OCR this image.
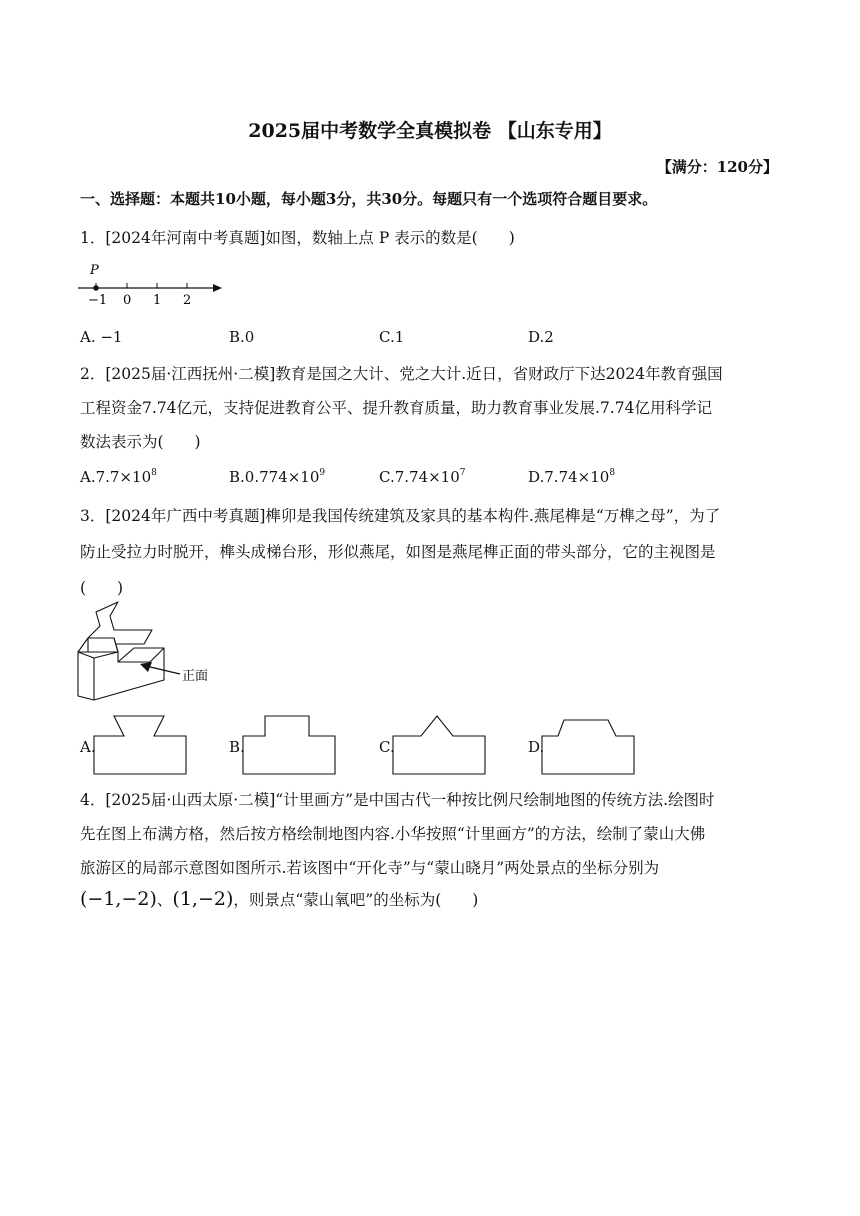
2025届中考数学全真模拟卷 【山东专用】
【满分：120分】
一、选择题：本题共10小题，每小题3分，共30分。每题只有一个选项符合题目要求。
1．[2024年河南中考真题]如图，数轴上点 P 表示的数是(　　)
P
−1 0 1 2
A. −1	B.0	C.1	D.2
2．[2025届·江西抚州·二模]教育是国之大计、党之大计.近日，省财政厅下达2024年教育强国
工程资金7.74亿元，支持促进教育公平、提升教育质量，助力教育事业发展.7.74亿用科学记
数法表示为(　　)
$A.7.7\times 10^8$	$B.0.774\times 10^9$	$C.7.74\times 10^7$	$D.7.74\times 10^8$
3．[2024年广西中考真题]榫卯是我国传统建筑及家具的基本构件.燕尾榫是“万榫之母”，为了
防止受拉力时脱开，榫头成梯台形，形似燕尾，如图是燕尾榫正面的带头部分，它的主视图是
(　　)
正面
A.	B.	C.	D.
4．[2025届·山西太原·二模]“计里画方”是中国古代一种按比例尺绘制地图的传统方法.绘图时
先在图上布满方格，然后按方格绘制地图内容.小华按照“计里画方”的方法，绘制了蒙山大佛
旅游区的局部示意图如图所示.若该图中“开化寺”与“蒙山晓月”两处景点的坐标分别为
(−1,−2)、(1,−2)，则景点“蒙山氧吧”的坐标为(　　)
